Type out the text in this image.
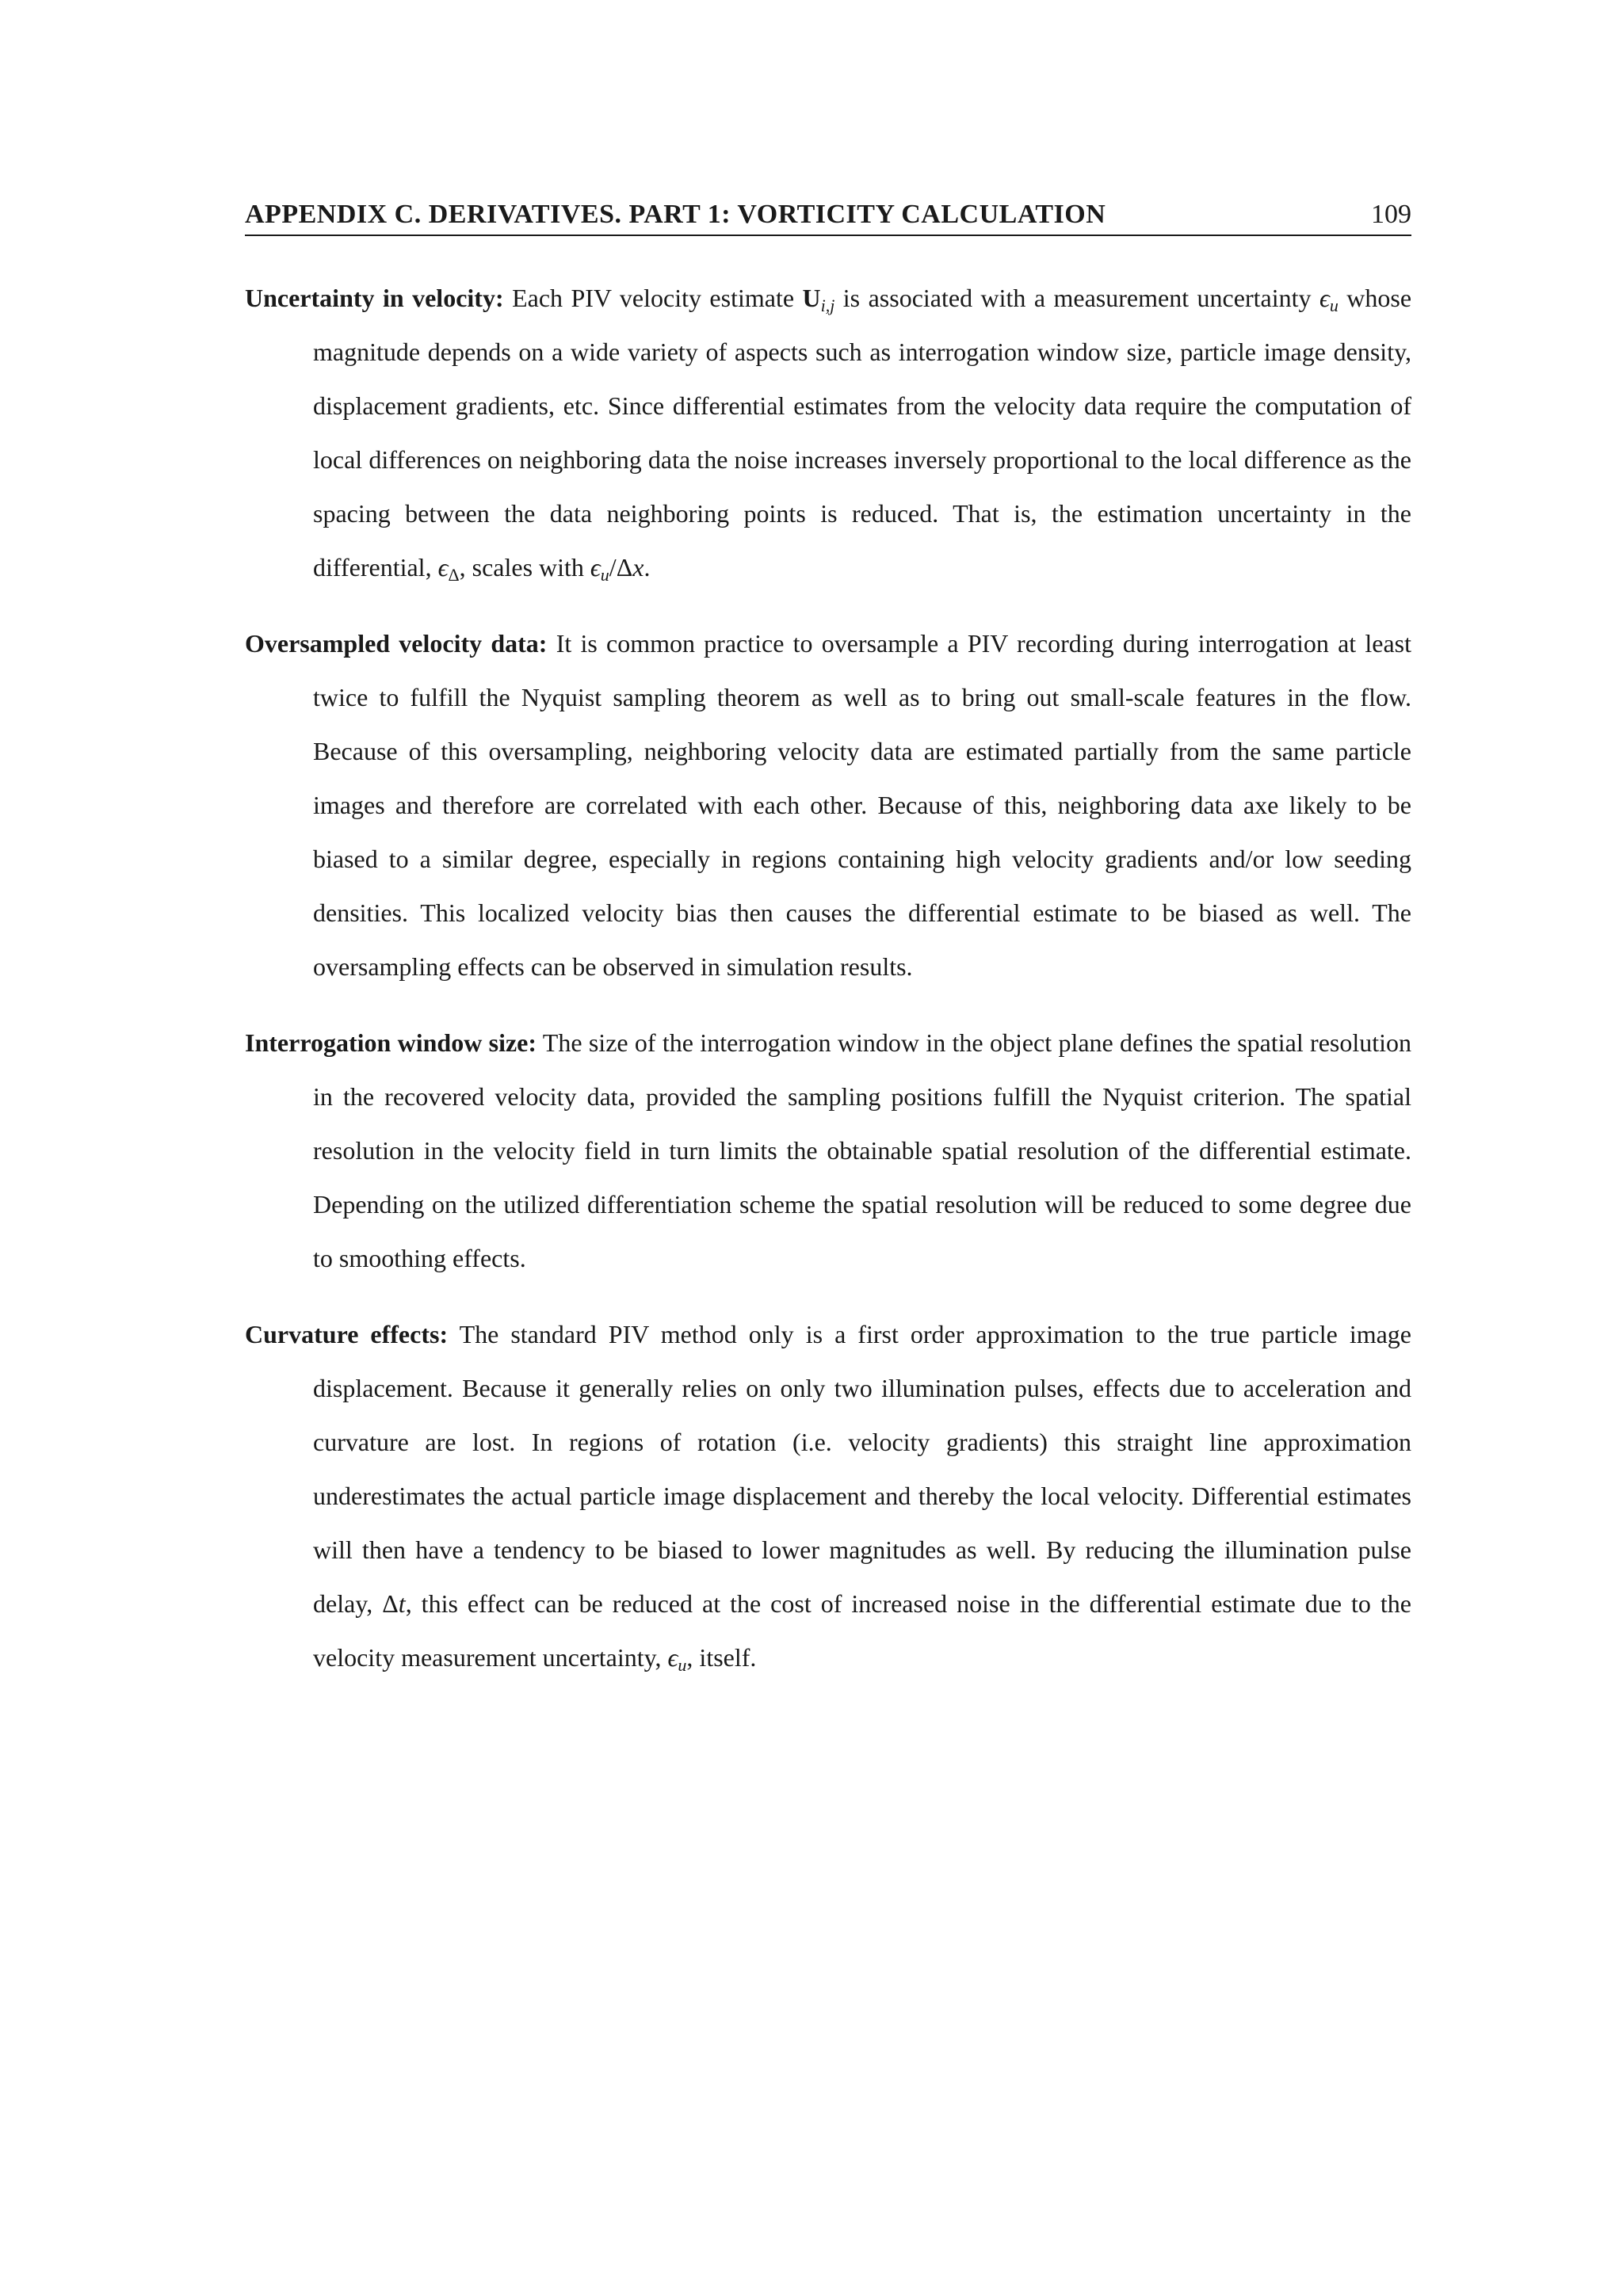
APPENDIX C. DERIVATIVES. PART 1: VORTICITY CALCULATION	109

Uncertainty in velocity: Each PIV velocity estimate $U_{i,j}$ is associated with a measurement uncertainty $\epsilon_u$ whose magnitude depends on a wide variety of aspects such as interrogation window size, particle image density, displacement gradients, etc. Since differential estimates from the velocity data require the computation of local differences on neighboring data the noise increases inversely proportional to the local difference as the spacing between the data neighboring points is reduced. That is, the estimation uncertainty in the differential, $\epsilon_\Delta$, scales with $\epsilon_u/\Delta x$.

Oversampled velocity data: It is common practice to oversample a PIV recording during interrogation at least twice to fulfill the Nyquist sampling theorem as well as to bring out small-scale features in the flow. Because of this oversampling, neighboring velocity data are estimated partially from the same particle images and therefore are correlated with each other. Because of this, neighboring data axe likely to be biased to a similar degree, especially in regions containing high velocity gradients and/or low seeding densities. This localized velocity bias then causes the differential estimate to be biased as well. The oversampling effects can be observed in simulation results.

Interrogation window size: The size of the interrogation window in the object plane defines the spatial resolution in the recovered velocity data, provided the sampling positions fulfill the Nyquist criterion. The spatial resolution in the velocity field in turn limits the obtainable spatial resolution of the differential estimate. Depending on the utilized differentiation scheme the spatial resolution will be reduced to some degree due to smoothing effects.

Curvature effects: The standard PIV method only is a first order approximation to the true particle image displacement. Because it generally relies on only two illumination pulses, effects due to acceleration and curvature are lost. In regions of rotation (i.e. velocity gradients) this straight line approximation underestimates the actual particle image displacement and thereby the local velocity. Differential estimates will then have a tendency to be biased to lower magnitudes as well. By reducing the illumination pulse delay, Δt, this effect can be reduced at the cost of increased noise in the differential estimate due to the velocity measurement uncertainty, $\epsilon_u$, itself.
